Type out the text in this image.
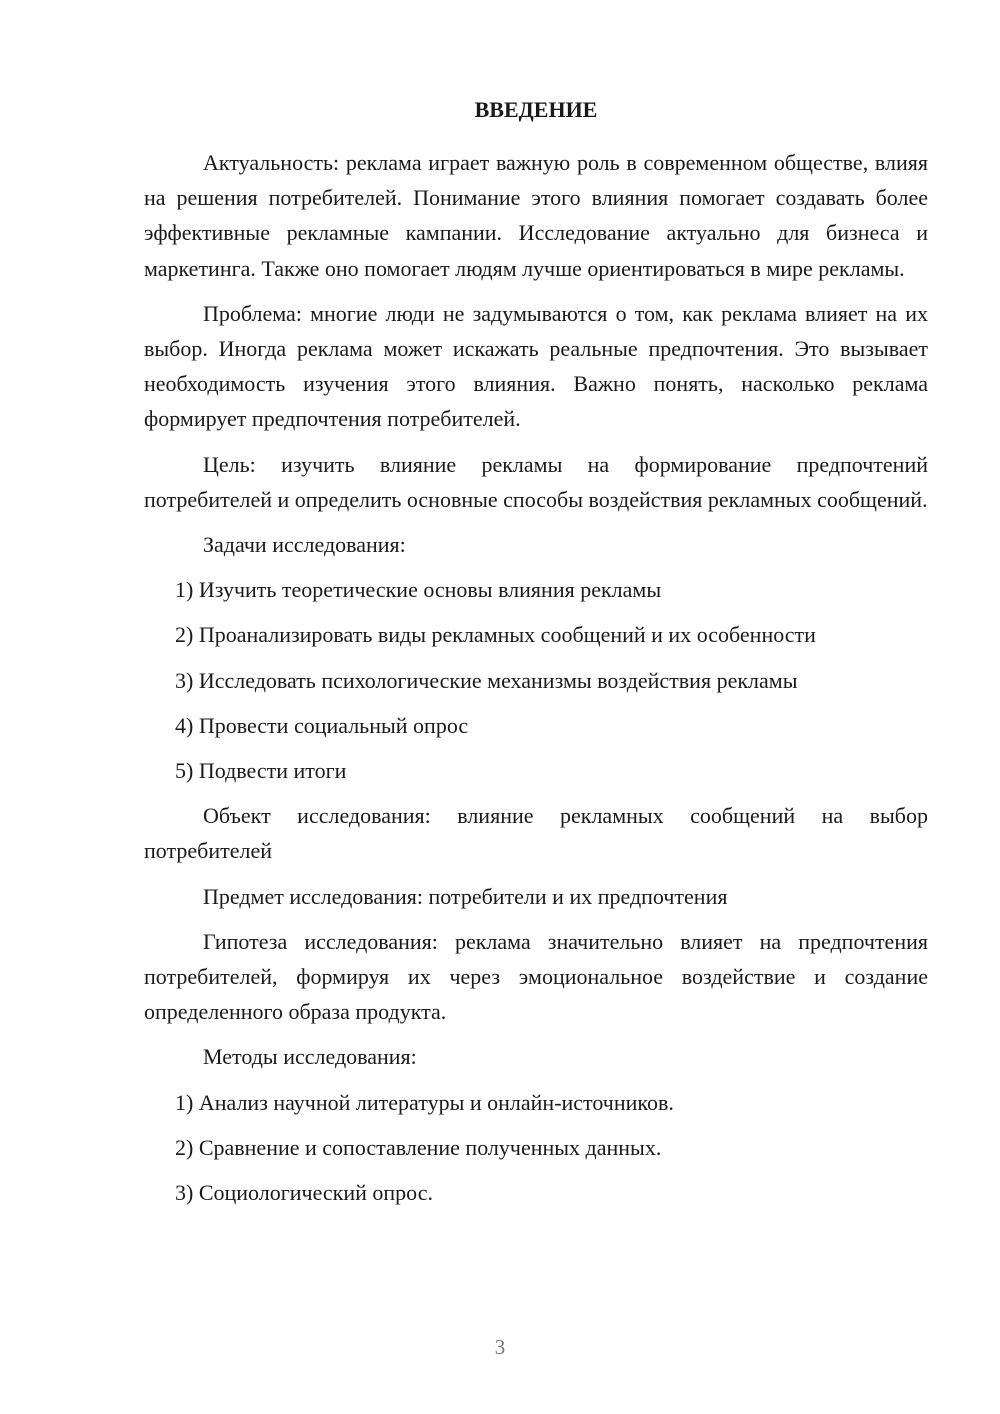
ВВЕДЕНИЕ

Актуальность: реклама играет важную роль в современном обществе, влияя на решения потребителей. Понимание этого влияния помогает создавать более эффективные рекламные кампании. Исследование актуально для бизнеса и маркетинга. Также оно помогает людям лучше ориентироваться в мире рекламы.

Проблема: многие люди не задумываются о том, как реклама влияет на их выбор. Иногда реклама может искажать реальные предпочтения. Это вызывает необходимость изучения этого влияния. Важно понять, насколько реклама формирует предпочтения потребителей.

Цель: изучить влияние рекламы на формирование предпочтений потребителей и определить основные способы воздействия рекламных сообщений.

Задачи исследования:

1) Изучить теоретические основы влияния рекламы

2) Проанализировать виды рекламных сообщений и их особенности

3) Исследовать психологические механизмы воздействия рекламы

4) Провести социальный опрос

5) Подвести итоги

Объект исследования: влияние рекламных сообщений на выбор потребителей

Предмет исследования: потребители и их предпочтения

Гипотеза исследования: реклама значительно влияет на предпочтения потребителей, формируя их через эмоциональное воздействие и создание определенного образа продукта.

Методы исследования:

1) Анализ научной литературы и онлайн-источников.

2) Сравнение и сопоставление полученных данных.

3) Социологический опрос.

3
